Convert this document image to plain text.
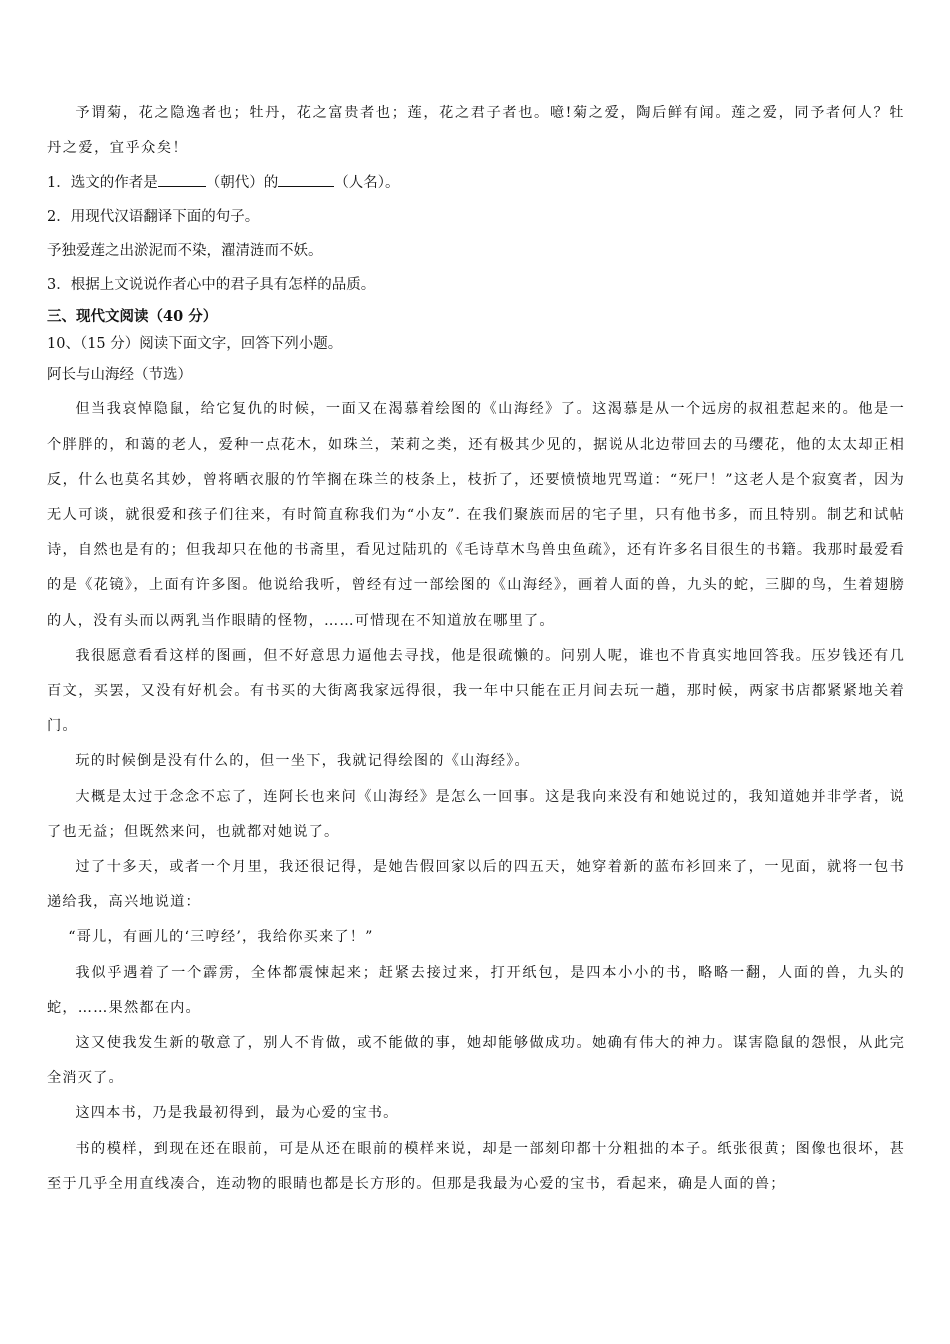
予谓菊，花之隐逸者也；牡丹，花之富贵者也；莲，花之君子者也。噫!菊之爱，陶后鲜有闻。莲之爱，同予者何人？牡丹之爱，宜乎众矣！
1．选文的作者是	（朝代）的	（人名）。
2．用现代汉语翻译下面的句子。
予独爱莲之出淤泥而不染，濯清涟而不妖。
3．根据上文说说作者心中的君子具有怎样的品质。
三、现代文阅读（40 分）
10、（15 分）阅读下面文字，回答下列小题。
阿长与山海经（节选）
但当我哀悼隐鼠，给它复仇的时候，一面又在渴慕着绘图的《山海经》了。这渴慕是从一个远房的叔祖惹起来的。他是一个胖胖的，和蔼的老人，爱种一点花木，如珠兰，茉莉之类，还有极其少见的，据说从北边带回去的马缨花，他的太太却正相反，什么也莫名其妙，曾将晒衣服的竹竿搁在珠兰的枝条上，枝折了，还要愤愤地咒骂道：“死尸！”这老人是个寂寞者，因为无人可谈，就很爱和孩子们往来，有时简直称我们为“小友”. 在我们聚族而居的宅子里，只有他书多，而且特别。制艺和试帖诗，自然也是有的；但我却只在他的书斋里，看见过陆玑的《毛诗草木鸟兽虫鱼疏》，还有许多名目很生的书籍。我那时最爱看的是《花镜》，上面有许多图。他说给我听，曾经有过一部绘图的《山海经》，画着人面的兽，九头的蛇，三脚的鸟，生着翅膀的人，没有头而以两乳当作眼睛的怪物，……可惜现在不知道放在哪里了。
我很愿意看看这样的图画，但不好意思力逼他去寻找，他是很疏懒的。问别人呢，谁也不肯真实地回答我。压岁钱还有几百文，买罢，又没有好机会。有书买的大街离我家远得很，我一年中只能在正月间去玩一趟，那时候，两家书店都紧紧地关着门。
玩的时候倒是没有什么的，但一坐下，我就记得绘图的《山海经》。
大概是太过于念念不忘了，连阿长也来问《山海经》是怎么一回事。这是我向来没有和她说过的，我知道她并非学者，说了也无益；但既然来问，也就都对她说了。
过了十多天，或者一个月里，我还很记得，是她告假回家以后的四五天，她穿着新的蓝布衫回来了，一见面，就将一包书递给我，高兴地说道：
“哥儿，有画儿的‘三哼经’，我给你买来了！”
我似乎遇着了一个霹雳，全体都震悚起来；赶紧去接过来，打开纸包，是四本小小的书，略略一翻，人面的兽，九头的蛇，……果然都在内。
这又使我发生新的敬意了，别人不肯做，或不能做的事，她却能够做成功。她确有伟大的神力。谋害隐鼠的怨恨，从此完全消灭了。
这四本书，乃是我最初得到，最为心爱的宝书。
书的模样，到现在还在眼前，可是从还在眼前的模样来说，却是一部刻印都十分粗拙的本子。纸张很黄；图像也很坏，甚至于几乎全用直线凑合，连动物的眼睛也都是长方形的。但那是我最为心爱的宝书，看起来，确是人面的兽；
